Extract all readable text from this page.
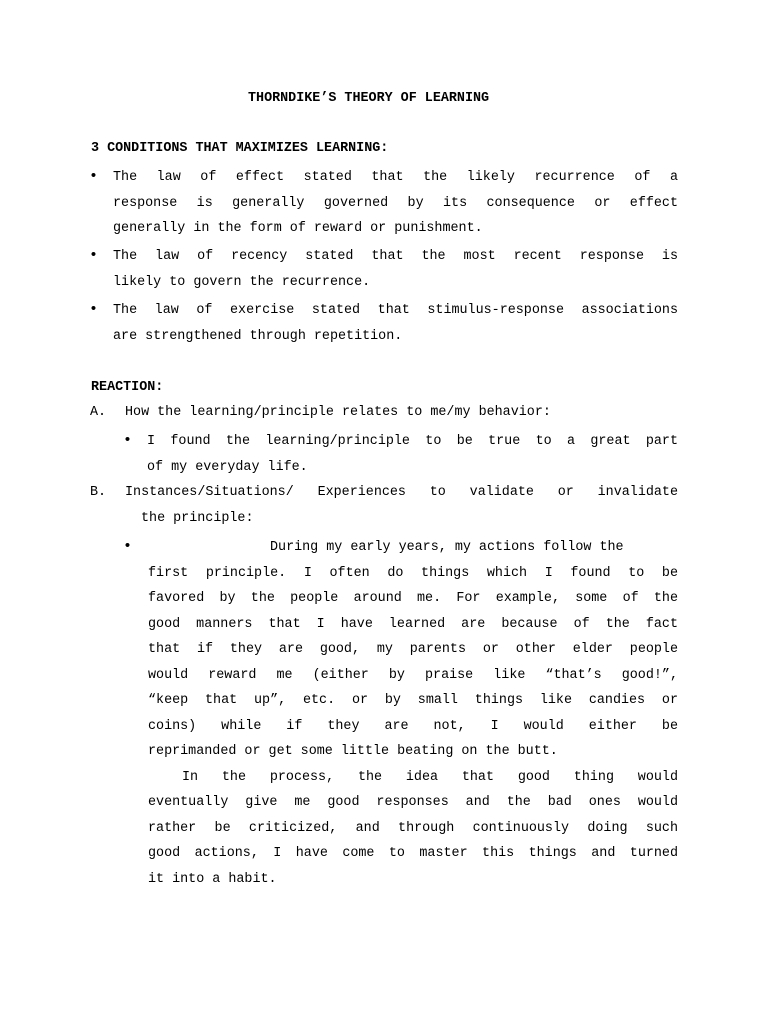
THORNDIKE’S THEORY OF LEARNING
3 CONDITIONS THAT MAXIMIZES LEARNING:
• The law of effect stated that the likely recurrence of a
response is generally governed by its consequence or effect
generally in the form of reward or punishment.
• The law of recency stated that the most recent response is
likely to govern the recurrence.
• The law of exercise stated that stimulus-response associations
are strengthened through repetition.
REACTION:
A. How the learning/principle relates to me/my behavior:
• I found the learning/principle to be true to a great part
of my everyday life.
B. Instances/Situations/ Experiences to validate or invalidate
the principle:
•	During my early years, my actions follow the
first principle. I often do things which I found to be
favored by the people around me. For example, some of the
good manners that I have learned are because of the fact
that if they are good, my parents or other elder people
would reward me (either by praise like “that’s good!”,
“keep that up”, etc. or by small things like candies or
coins) while if they are not, I would either be
reprimanded or get some little beating on the butt.
In the process, the idea that good thing would
eventually give me good responses and the bad ones would
rather be criticized, and through continuously doing such
good actions, I have come to master this things and turned
it into a habit.
